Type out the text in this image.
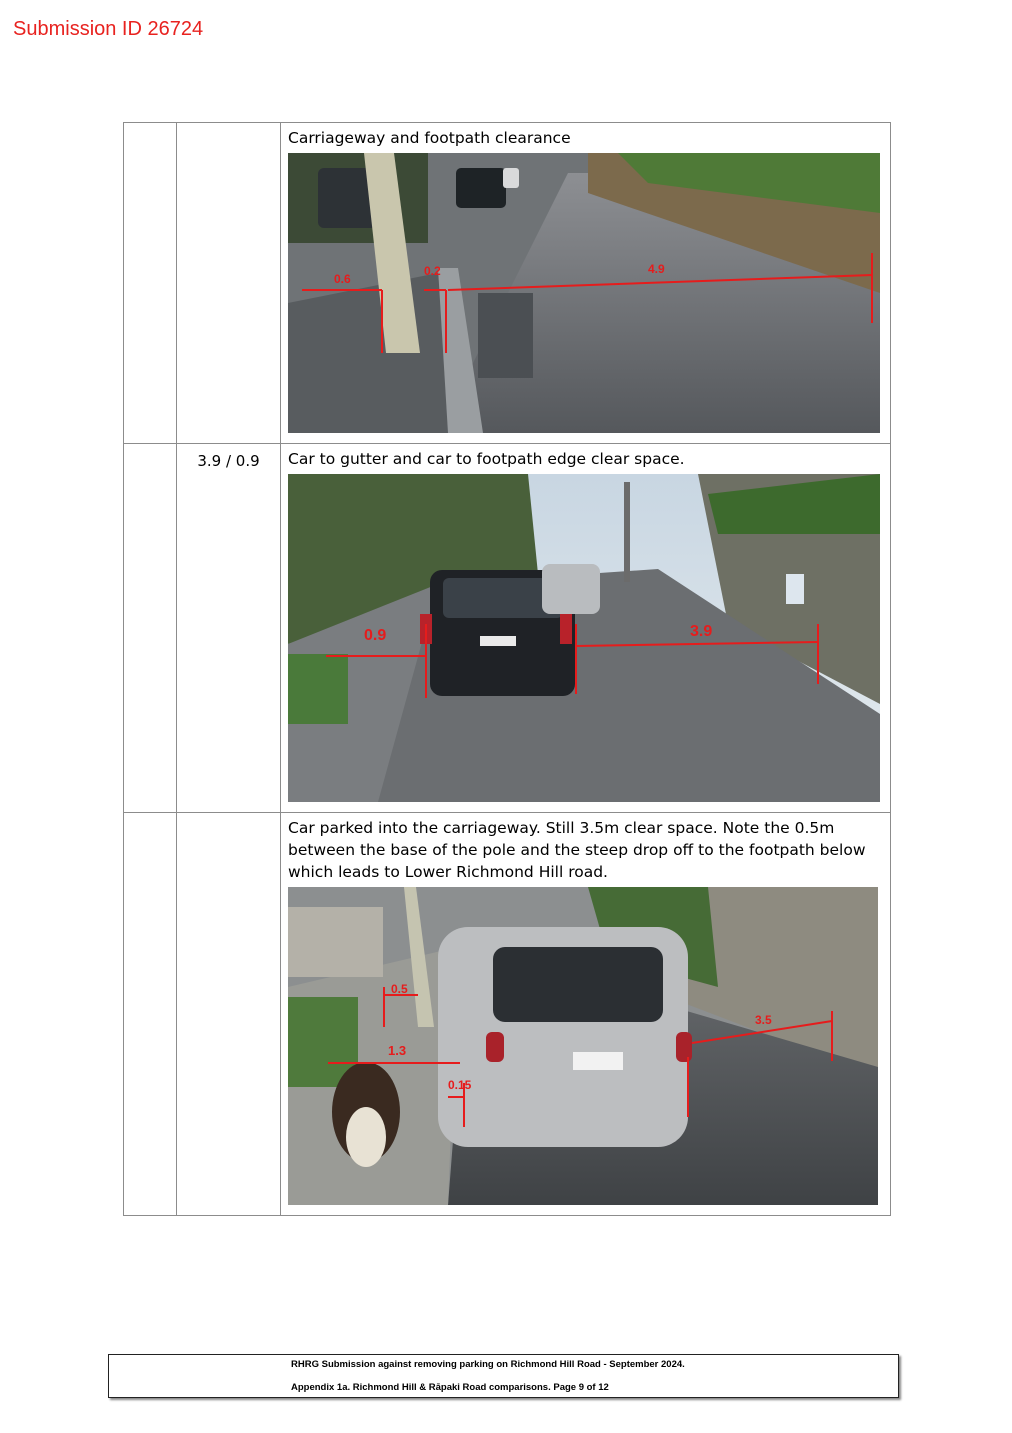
Submission ID 26724

		Carriageway and footpath clearance

0.6
0.2 4.9

	3.9 / 0.9	Car to gutter and car to footpath edge clear space.

0.9 3.9

		Car parked into the carriageway. Still 3.5m clear space. Note the 0.5m between the base of the pole and the steep drop off to the footpath below which leads to Lower Richmond Hill road.

0.5
3.5
1.3
0.15
RHRG Submission against removing parking on Richmond Hill Road - September 2024.
Appendix 1a. Richmond Hill & Rāpaki Road comparisons. Page 9 of 12
